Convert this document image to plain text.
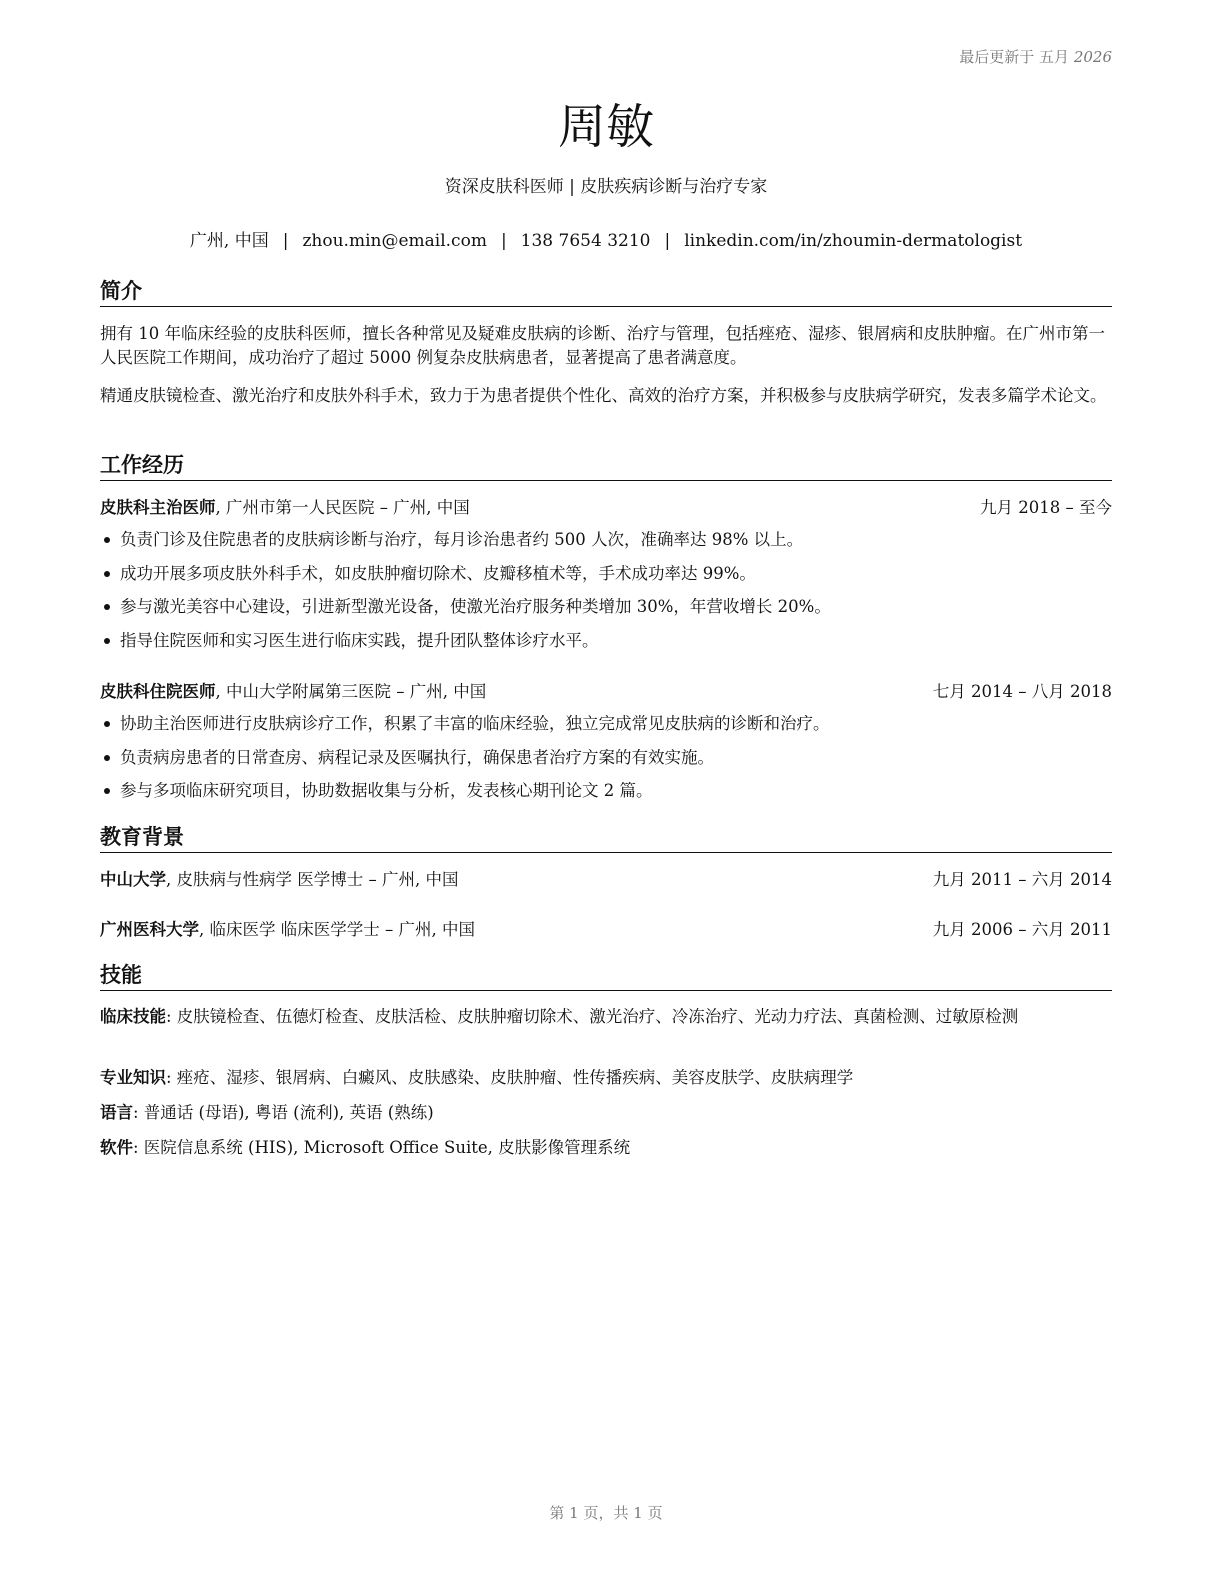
最后更新于 五月 2026
周敏
资深皮肤科医师 | 皮肤疾病诊断与治疗专家
广州, 中国 | zhou.min@email.com | 138 7654 3210 | linkedin.com/in/zhoumin-dermatologist
简介
拥有 10 年临床经验的皮肤科医师，擅长各种常见及疑难皮肤病的诊断、治疗与管理，包括痤疮、湿疹、银屑病和皮肤肿瘤。在广州市第一人民医院工作期间，成功治疗了超过 5000 例复杂皮肤病患者，显著提高了患者满意度。
精通皮肤镜检查、激光治疗和皮肤外科手术，致力于为患者提供个性化、高效的治疗方案，并积极参与皮肤病学研究，发表多篇学术论文。
工作经历
皮肤科主治医师, 广州市第一人民医院 – 广州, 中国	九月 2018 – 至今
负责门诊及住院患者的皮肤病诊断与治疗，每月诊治患者约 500 人次，准确率达 98% 以上。
成功开展多项皮肤外科手术，如皮肤肿瘤切除术、皮瓣移植术等，手术成功率达 99%。
参与激光美容中心建设，引进新型激光设备，使激光治疗服务种类增加 30%，年营收增长 20%。
指导住院医师和实习医生进行临床实践，提升团队整体诊疗水平。
皮肤科住院医师, 中山大学附属第三医院 – 广州, 中国	七月 2014 – 八月 2018
协助主治医师进行皮肤病诊疗工作，积累了丰富的临床经验，独立完成常见皮肤病的诊断和治疗。
负责病房患者的日常查房、病程记录及医嘱执行，确保患者治疗方案的有效实施。
参与多项临床研究项目，协助数据收集与分析，发表核心期刊论文 2 篇。
教育背景
中山大学, 皮肤病与性病学 医学博士 – 广州, 中国	九月 2011 – 六月 2014
广州医科大学, 临床医学 临床医学学士 – 广州, 中国	九月 2006 – 六月 2011
技能
临床技能: 皮肤镜检查、伍德灯检查、皮肤活检、皮肤肿瘤切除术、激光治疗、冷冻治疗、光动力疗法、真菌检测、过敏原检测
专业知识: 痤疮、湿疹、银屑病、白癜风、皮肤感染、皮肤肿瘤、性传播疾病、美容皮肤学、皮肤病理学
语言: 普通话 (母语), 粤语 (流利), 英语 (熟练)
软件: 医院信息系统 (HIS), Microsoft Office Suite, 皮肤影像管理系统
第 1 页，共 1 页
